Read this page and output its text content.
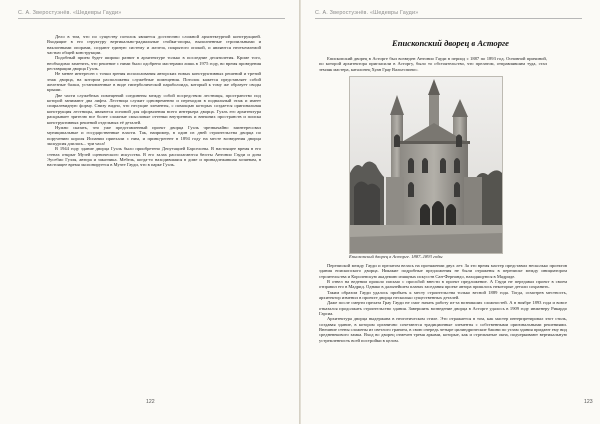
С. А. Зверостуэнёв. «Шедевры Гауди»

Дело в том, что по существу потолок является достаточно сложной архитектурной конструкцией. Входящие в его структуру вертикально-радиальные стойки-опоры, выполненные стропильными и наклонными опорами, создают единую систему и железа, покрытого опокой, и являются неотъемлемой частью общей конструкции.

Подобный прием будет широко развит в архитектуре только в последние десятилетия. Кроме того, необходимо заметить, что решение с ними было одобрено мастерами лишь в 1975 году, во время проведения реставрации дворца Гуэль.

Не менее интересен с точки зрения использования авторских новых конструктивных решений и третий этаж дворца, на котором расположены служебные помещения. Потолок кажется представляет собой железные балки, установленные в виде гиперболической параболоида, который к тому же образует своды крыши.

Две части служебных помещений соединены между собой посредством лестницы, пространство под которой занимают два лифта. Лестница служит одновременно и переходом в подвальный этаж и имеет спиралевидную форму. Снизу видно, что несущие элементы, с помощью которых создается оригинальная конструкция лестницы, являются основой для оформления всего интерьера дворца. Гуэль его архитектура раскрывает зрителю все более сложные смысловые оттенки внутренних и внешних пространств и поиска конструктивных решений отдельных её деталей.

Нужно сказать, что уже представленный проект дворца Гуэль чрезвычайно заинтересовал муниципальные и государственные власти. Так, например, в один из дней строительства дворца по поручению короля Испании приехали с ним, и принц-регент в 1894 году на месте возведения дворца экскурсия длилась... три часа!

В 1944 году здание дворца Гуэль было приобретено Депутацией Барселоны. В настоящее время в его стенах открыт Музей сценического искусства. В его залах располагаются бюсты Антонио Гауди и дона Эусебио Гуэля, автора и заказчика. Мебель, когда-то находившаяся в доме и принадлежавшая хозяевам, в настоящее время экспонируется в Музее Гауди, что в парке Гуэль.

122
С. А. Зверостуэнёв. «Шедевры Гауди»
Епископский дворец в Асторге

Епископский дворец в Асторге был возведен Антонио Гауди в период с 1887 по 1893 год. Основной причиной, по которой архитектора пригласили в Асторгу, было то обстоятельство, что прелатом, отправлявшим туда, стал земляк мастера, каталонец Хуан Грау Вальеспинос.

Епископский дворец в Асторге. 1887–1893 годы

Перепиской между Гауди и прелатом велась на протяжении двух лет. За это время мастер представил несколько проектов здания епископского дворца. Никакие подробные предложения не были отражены в переписке между инициатором строительства и Королевскую академию изящных искусств Сан-Фернандо, находящуюся в Мадриде.

В отвел на ведении прошло письмо с просьбой внести в проект предложение. А Гауди не передавал проект в своем отправил его в Мадрид. Однако в дальнейшем планах заседания проект автора пришлось некоторые детали сохранить.

Таким образом Гауди удалось прибыть к месту строительства только весной 1889 года. Тогда, осмотрев местность, архитектор изменил в проекте дворца несколько существенных деталей.

Даже после смерти прелата Грау Гауди не смог начать работу из-за возникших сложностей. А в ноябре 1893 года и вовсе отказался продолжать строительство здания. Завершить возведение дворца в Асторге удалось в 1909 году инженеру Рикардо Гарсиа.

Архитектура дворца выдержана в неоготическом стиле. Это отражается в том, как мастер интерпретировал этот стиль, создавая здание, в котором органично сочетаются традиционные элементы с собственными оригинальными решениями. Внешние стены сложены из светлого гранита, в свою очередь четыре цилиндрические башни по углам здания придают ему вид средневекового замка. Вход во дворец отмечен тремя арками, которые, как и стрельчатые окна, подчеркивают вертикальную устремленность всей постройки в целом.

123
